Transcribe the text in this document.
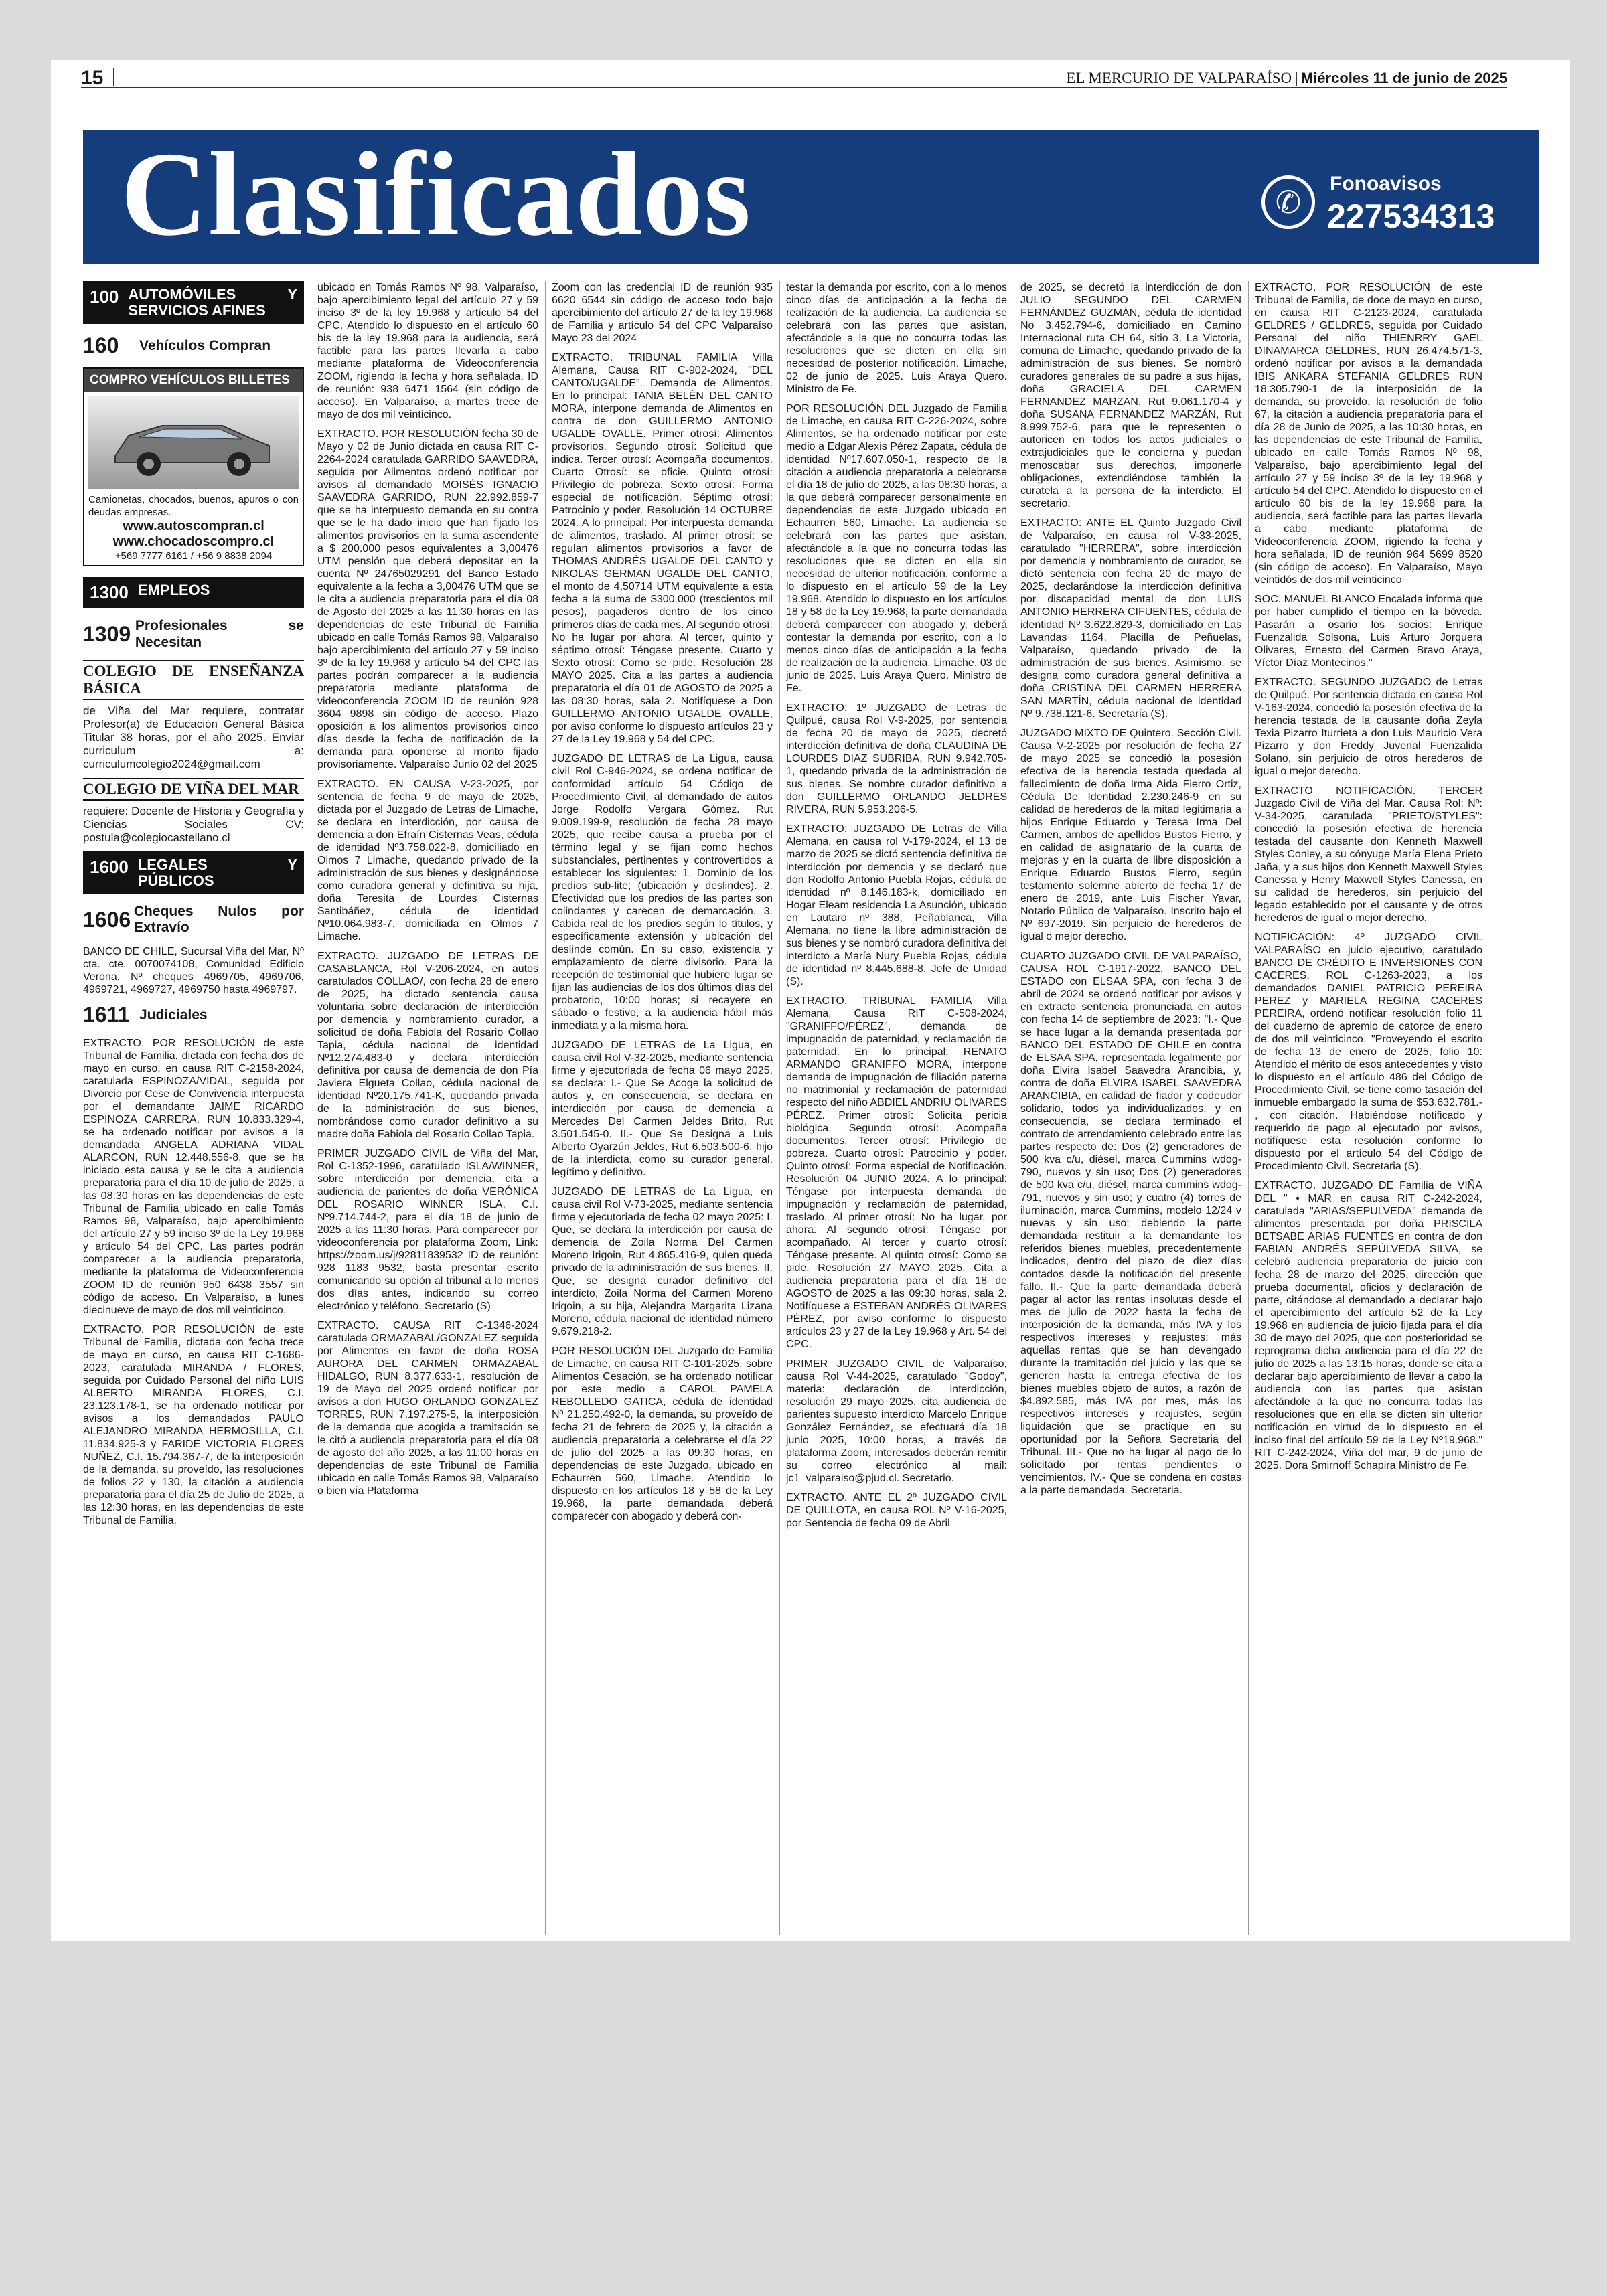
15	EL MERCURIO DE VALPARAÍSO | Miércoles 11 de junio de 2025
Clasificados	✆
Fonoavisos
227534313
100 AUTOMÓVILES Y SERVICIOS AFINES
160	Vehículos Compran
COMPRO VEHÍCULOS BILLETES
Camionetas, chocados, buenos, apuros o con deudas empresas.
www.autoscompran.cl
www.chocadoscompro.cl
+569 7777 6161 / +56 9 8838 2094
1300 EMPLEOS
1309 Profesionales se Necesitan
COLEGIO DE ENSEÑANZA BÁSICA

de Viña del Mar requiere, contratar Profesor(a) de Educación General Básica Titular 38 horas, por el año 2025. Enviar curriculum a: curriculumcolegio2024@gmail.com

COLEGIO DE VIÑA DEL MAR

requiere: Docente de Historia y Geografía y Ciencias Sociales CV: postula@colegiocastellano.cl

1600 LEGALES Y PÚBLICOS
1606 Cheques Nulos por Extravío

BANCO DE CHILE, Sucursal Viña del Mar, Nº cta. cte. 0070074108, Comunidad Edificio Verona, Nº cheques 4969705, 4969706, 4969721, 4969727, 4969750 hasta 4969797.

1611 Judiciales

EXTRACTO. POR RESOLUCIÓN de este Tribunal de Familia, dictada con fecha dos de mayo en curso, en causa RIT C-2158-2024, caratulada ESPINOZA/VIDAL, seguida por Divorcio por Cese de Convivencia interpuesta por el demandante JAIME RICARDO ESPINOZA CARRERA, RUN 10.833.329-4, se ha ordenado notificar por avisos a la demandada ANGELA ADRIANA VIDAL ALARCON, RUN 12.448.556-8, que se ha iniciado esta causa y se le cita a audiencia preparatoria para el día 10 de julio de 2025, a las 08:30 horas en las dependencias de este Tribunal de Familia ubicado en calle Tomás Ramos 98, Valparaíso, bajo apercibimiento del artículo 27 y 59 inciso 3º de la Ley 19.968 y artículo 54 del CPC. Las partes podrán comparecer a la audiencia preparatoria, mediante la plataforma de Videoconferencia ZOOM ID de reunión 950 6438 3557 sin código de acceso. En Valparaíso, a lunes diecinueve de mayo de dos mil veinticinco.

EXTRACTO. POR RESOLUCIÓN de este Tribunal de Familia, dictada con fecha trece de mayo en curso, en causa RIT C-1686-2023, caratulada MIRANDA / FLORES, seguida por Cuidado Personal del niño LUIS ALBERTO MIRANDA FLORES, C.I. 23.123.178-1, se ha ordenado notificar por avisos a los demandados PAULO ALEJANDRO MIRANDA HERMOSILLA, C.I. 11.834.925-3 y FARIDE VICTORIA FLORES NUÑEZ, C.I. 15.794.367-7, de la interposición de la demanda, su proveído, las resoluciones de folios 22 y 130, la citación a audiencia preparatoria para el día 25 de Julio de 2025, a las 12:30 horas, en las dependencias de este Tribunal de Familia,

ubicado en Tomás Ramos Nº 98, Valparaíso, bajo apercibimiento legal del artículo 27 y 59 inciso 3º de la ley 19.968 y artículo 54 del CPC. Atendido lo dispuesto en el artículo 60 bis de la ley 19.968 para la audiencia, será factible para las partes llevarla a cabo mediante plataforma de Videoconferencia ZOOM, rigiendo la fecha y hora señalada, ID de reunión: 938 6471 1564 (sin código de acceso). En Valparaíso, a martes trece de mayo de dos mil veinticinco.

EXTRACTO. POR RESOLUCIÓN fecha 30 de Mayo y 02 de Junio dictada en causa RIT C-2264-2024 caratulada GARRIDO SAAVEDRA, seguida por Alimentos ordenó notificar por avisos al demandado MOISÉS IGNACIO SAAVEDRA GARRIDO, RUN 22.992.859-7 que se ha interpuesto demanda en su contra que se le ha dado inicio que han fijado los alimentos provisorios en la suma ascendente a $ 200.000 pesos equivalentes a 3,00476 UTM pensión que deberá depositar en la cuenta Nº 24765029291 del Banco Estado equivalente a la fecha a 3,00476 UTM que se le cita a audiencia preparatoria para el día 08 de Agosto del 2025 a las 11:30 horas en las dependencias de este Tribunal de Familia ubicado en calle Tomás Ramos 98, Valparaíso bajo apercibimiento del artículo 27 y 59 inciso 3º de la ley 19.968 y artículo 54 del CPC las partes podrán comparecer a la audiencia preparatoria mediante plataforma de videoconferencia ZOOM ID de reunión 928 3604 9898 sin código de acceso. Plazo oposición a los alimentos provisorios cinco días desde la fecha de notificación de la demanda para oponerse al monto fijado provisoriamente. Valparaíso Junio 02 del 2025

EXTRACTO. EN CAUSA V-23-2025, por sentencia de fecha 9 de mayo de 2025, dictada por el Juzgado de Letras de Limache, se declara en interdicción, por causa de demencia a don Efraín Cisternas Veas, cédula de identidad Nº3.758.022-8, domiciliado en Olmos 7 Limache, quedando privado de la administración de sus bienes y designándose como curadora general y definitiva su hija, doña Teresita de Lourdes Cisternas Santibáñez, cédula de identidad Nº10.064.983-7, domiciliada en Olmos 7 Limache.

EXTRACTO. JUZGADO DE LETRAS DE CASABLANCA, Rol V-206-2024, en autos caratulados COLLAO/, con fecha 28 de enero de 2025, ha dictado sentencia causa voluntaria sobre declaración de interdicción por demencia y nombramiento curador, a solicitud de doña Fabiola del Rosario Collao Tapia, cédula nacional de identidad Nº12.274.483-0 y declara interdicción definitiva por causa de demencia de don Pía Javiera Elgueta Collao, cédula nacional de identidad Nº20.175.741-K, quedando privada de la administración de sus bienes, nombrándose como curador definitivo a su madre doña Fabiola del Rosario Collao Tapia.

PRIMER JUZGADO CIVIL de Viña del Mar, Rol C-1352-1996, caratulado ISLA/WINNER, sobre interdicción por demencia, cita a audiencia de parientes de doña VERÓNICA DEL ROSARIO WINNER ISLA, C.I. Nº9.714.744-2, para el día 18 de junio de 2025 a las 11:30 horas. Para comparecer por videoconferencia por plataforma Zoom, Link: https://zoom.us/j/92811839532 ID de reunión: 928 1183 9532, basta presentar escrito comunicando su opción al tribunal a lo menos dos días antes, indicando su correo electrónico y teléfono. Secretario (S)

EXTRACTO. CAUSA RIT C-1346-2024 caratulada ORMAZABAL/GONZALEZ seguida por Alimentos en favor de doña ROSA AURORA DEL CARMEN ORMAZABAL HIDALGO, RUN 8.377.633-1, resolución de 19 de Mayo del 2025 ordenó notificar por avisos a don HUGO ORLANDO GONZALEZ TORRES, RUN 7.197.275-5, la interposición de la demanda que acogida a tramitación se le citó a audiencia preparatoria para el día 08 de agosto del año 2025, a las 11:00 horas en dependencias de este Tribunal de Familia ubicado en calle Tomás Ramos 98, Valparaíso o bien vía Plataforma

Zoom con las credencial ID de reunión 935 6620 6544 sin código de acceso todo bajo apercibimiento del artículo 27 de la ley 19.968 de Familia y artículo 54 del CPC Valparaíso Mayo 23 del 2024

EXTRACTO. TRIBUNAL FAMILIA Villa Alemana, Causa RIT C-902-2024, "DEL CANTO/UGALDE". Demanda de Alimentos. En lo principal: TANIA BELÉN DEL CANTO MORA, interpone demanda de Alimentos en contra de don GUILLERMO ANTONIO UGALDE OVALLE. Primer otrosí: Alimentos provisorios. Segundo otrosí: Solicitud que indica. Tercer otrosí: Acompaña documentos. Cuarto Otrosí: se oficie. Quinto otrosí: Privilegio de pobreza. Sexto otrosí: Forma especial de notificación. Séptimo otrosí: Patrocinio y poder. Resolución 14 OCTUBRE 2024. A lo principal: Por interpuesta demanda de alimentos, traslado. Al primer otrosí: se regulan alimentos provisorios a favor de THOMAS ANDRÉS UGALDE DEL CANTO y NIKOLAS GERMAN UGALDE DEL CANTO, el monto de 4,50714 UTM equivalente a esta fecha a la suma de $300.000 (trescientos mil pesos), pagaderos dentro de los cinco primeros días de cada mes. Al segundo otrosí: No ha lugar por ahora. Al tercer, quinto y séptimo otrosí: Téngase presente. Cuarto y Sexto otrosí: Como se pide. Resolución 28 MAYO 2025. Cita a las partes a audiencia preparatoria el día 01 de AGOSTO de 2025 a las 08:30 horas, sala 2. Notifíquese a Don GUILLERMO ANTONIO UGALDE OVALLE, por aviso conforme lo dispuesto artículos 23 y 27 de la Ley 19.968 y 54 del CPC.

JUZGADO DE LETRAS de La Ligua, causa civil Rol C-946-2024, se ordena notificar de conformidad artículo 54 Código de Procedimiento Civil, al demandado de autos Jorge Rodolfo Vergara Gómez. Rut 9.009.199-9, resolución de fecha 28 mayo 2025, que recibe causa a prueba por el término legal y se fijan como hechos substanciales, pertinentes y controvertidos a establecer los siguientes: 1. Dominio de los predios sub-lite; (ubicación y deslindes). 2. Efectividad que los predios de las partes son colindantes y carecen de demarcación. 3. Cabida real de los predios según lo títulos, y específicamente extensión y ubicación del deslinde común. En su caso, existencia y emplazamiento de cierre divisorio. Para la recepción de testimonial que hubiere lugar se fijan las audiencias de los dos últimos días del probatorio, 10:00 horas; si recayere en sábado o festivo, a la audiencia hábil más inmediata y a la misma hora.

JUZGADO DE LETRAS de La Ligua, en causa civil Rol V-32-2025, mediante sentencia firme y ejecutoriada de fecha 06 mayo 2025, se declara: I.- Que Se Acoge la solicitud de autos y, en consecuencia, se declara en interdicción por causa de demencia a Mercedes Del Carmen Jeldes Brito, Rut 3.501.545-0. II.- Que Se Designa a Luis Alberto Oyarzún Jeldes, Rut 6.503.500-6, hijo de la interdicta, como su curador general, legítimo y definitivo.

JUZGADO DE LETRAS de La Ligua, en causa civil Rol V-73-2025, mediante sentencia firme y ejecutoriada de fecha 02 mayo 2025: I. Que, se declara la interdicción por causa de demencia de Zoila Norma Del Carmen Moreno Irigoin, Rut 4.865.416-9, quien queda privado de la administración de sus bienes. II. Que, se designa curador definitivo del interdicto, Zoila Norma del Carmen Moreno Irigoin, a su hija, Alejandra Margarita Lizana Moreno, cédula nacional de identidad número 9.679.218-2.

POR RESOLUCIÓN DEL Juzgado de Familia de Limache, en causa RIT C-101-2025, sobre Alimentos Cesación, se ha ordenado notificar por este medio a CAROL PAMELA REBOLLEDO GATICA, cédula de identidad Nº 21.250.492-0, la demanda, su proveído de fecha 21 de febrero de 2025 y, la citación a audiencia preparatoria a celebrarse el día 22 de julio del 2025 a las 09:30 horas, en dependencias de este Juzgado, ubicado en Echaurren 560, Limache. Atendido lo dispuesto en los artículos 18 y 58 de la Ley 19.968, la parte demandada deberá comparecer con abogado y deberá con-

testar la demanda por escrito, con a lo menos cinco días de anticipación a la fecha de realización de la audiencia. La audiencia se celebrará con las partes que asistan, afectándole a la que no concurra todas las resoluciones que se dicten en ella sin necesidad de posterior notificación. Limache, 02 de junio de 2025. Luis Araya Quero. Ministro de Fe.

POR RESOLUCIÓN DEL Juzgado de Familia de Limache, en causa RIT C-226-2024, sobre Alimentos, se ha ordenado notificar por este medio a Edgar Alexis Pérez Zapata, cédula de identidad Nº17.607.050-1, respecto de la citación a audiencia preparatoria a celebrarse el día 18 de julio de 2025, a las 08:30 horas, a la que deberá comparecer personalmente en dependencias de este Juzgado ubicado en Echaurren 560, Limache. La audiencia se celebrará con las partes que asistan, afectándole a la que no concurra todas las resoluciones que se dicten en ella sin necesidad de ulterior notificación, conforme a lo dispuesto en el artículo 59 de la Ley 19.968. Atendido lo dispuesto en los artículos 18 y 58 de la Ley 19.968, la parte demandada deberá comparecer con abogado y, deberá contestar la demanda por escrito, con a lo menos cinco días de anticipación a la fecha de realización de la audiencia. Limache, 03 de junio de 2025. Luis Araya Quero. Ministro de Fe.

EXTRACTO: 1º JUZGADO de Letras de Quilpué, causa Rol V-9-2025, por sentencia de fecha 20 de mayo de 2025, decretó interdicción definitiva de doña CLAUDINA DE LOURDES DIAZ SUBRIBA, RUN 9.942.705-1, quedando privada de la administración de sus bienes. Se nombre curador definitivo a don GUILLERMO ORLANDO JELDRES RIVERA, RUN 5.953.206-5.

EXTRACTO: JUZGADO DE Letras de Villa Alemana, en causa rol V-179-2024, el 13 de marzo de 2025 se dictó sentencia definitiva de interdicción por demencia y se declaró que don Rodolfo Antonio Puebla Rojas, cédula de identidad nº 8.146.183-k, domiciliado en Hogar Eleam residencia La Asunción, ubicado en Lautaro nº 388, Peñablanca, Villa Alemana, no tiene la libre administración de sus bienes y se nombró curadora definitiva del interdicto a María Nury Puebla Rojas, cédula de identidad nº 8.445.688-8. Jefe de Unidad (S).

EXTRACTO. TRIBUNAL FAMILIA Villa Alemana, Causa RIT C-508-2024, "GRANIFFO/PÉREZ", demanda de impugnación de paternidad, y reclamación de paternidad. En lo principal: RENATO ARMANDO GRANIFFO MORA, interpone demanda de impugnación de filiación paterna no matrimonial y reclamación de paternidad respecto del niño ABDIEL ANDRIU OLIVARES PÉREZ. Primer otrosí: Solicita pericia biológica. Segundo otrosí: Acompaña documentos. Tercer otrosí: Privilegio de pobreza. Cuarto otrosí: Patrocinio y poder. Quinto otrosí: Forma especial de Notificación. Resolución 04 JUNIO 2024. A lo principal: Téngase por interpuesta demanda de impugnación y reclamación de paternidad, traslado. Al primer otrosí: No ha lugar, por ahora. Al segundo otrosí: Téngase por acompañado. Al tercer y cuarto otrosí: Téngase presente. Al quinto otrosí: Como se pide. Resolución 27 MAYO 2025. Cita a audiencia preparatoria para el día 18 de AGOSTO de 2025 a las 09:30 horas, sala 2. Notifíquese a ESTEBAN ANDRÉS OLIVARES PÉREZ, por aviso conforme lo dispuesto artículos 23 y 27 de la Ley 19.968 y Art. 54 del CPC.

PRIMER JUZGADO CIVIL de Valparaíso, causa Rol V-44-2025, caratulado "Godoy", materia: declaración de interdicción, resolución 29 mayo 2025, cita audiencia de parientes supuesto interdicto Marcelo Enrique González Fernández, se efectuará día 18 junio 2025, 10:00 horas, a través de plataforma Zoom, interesados deberán remitir su correo electrónico al mail: jc1_valparaiso@pjud.cl. Secretario.

EXTRACTO. ANTE EL 2º JUZGADO CIVIL DE QUILLOTA, en causa ROL Nº V-16-2025, por Sentencia de fecha 09 de Abril

de 2025, se decretó la interdicción de don JULIO SEGUNDO DEL CARMEN FERNÁNDEZ GUZMÁN, cédula de identidad No 3.452.794-6, domiciliado en Camino Internacional ruta CH 64, sitio 3, La Victoria, comuna de Limache, quedando privado de la administración de sus bienes. Se nombró curadores generales de su padre a sus hijas, doña GRACIELA DEL CARMEN FERNANDEZ MARZAN, Rut 9.061.170-4 y doña SUSANA FERNANDEZ MARZÁN, Rut 8.999.752-6, para que le representen o autoricen en todos los actos judiciales o extrajudiciales que le concierna y puedan menoscabar sus derechos, imponerle obligaciones, extendiéndose también la curatela a la persona de la interdicto. El secretario.

EXTRACTO: ANTE EL Quinto Juzgado Civil de Valparaíso, en causa rol V-33-2025, caratulado "HERRERA", sobre interdicción por demencia y nombramiento de curador, se dictó sentencia con fecha 20 de mayo de 2025, declarándose la interdicción definitiva por discapacidad mental de don LUIS ANTONIO HERRERA CIFUENTES, cédula de identidad Nº 3.622.829-3, domiciliado en Las Lavandas 1164, Placilla de Peñuelas, Valparaíso, quedando privado de la administración de sus bienes. Asimismo, se designa como curadora general definitiva a doña CRISTINA DEL CARMEN HERRERA SAN MARTÍN, cédula nacional de identidad Nº 9.738.121-6. Secretaría (S).

JUZGADO MIXTO DE Quintero. Sección Civil. Causa V-2-2025 por resolución de fecha 27 de mayo 2025 se concedió la posesión efectiva de la herencia testada quedada al fallecimiento de doña Irma Aida Fierro Ortiz, Cédula De Identidad 2.230.246-9 en su calidad de herederos de la mitad legitimaria a hijos Enrique Eduardo y Teresa Irma Del Carmen, ambos de apellidos Bustos Fierro, y en calidad de asignatario de la cuarta de mejoras y en la cuarta de libre disposición a Enrique Eduardo Bustos Fierro, según testamento solemne abierto de fecha 17 de enero de 2019, ante Luis Fischer Yavar, Notario Público de Valparaíso. Inscrito bajo el Nº 697-2019. Sin perjuicio de herederos de igual o mejor derecho.

CUARTO JUZGADO CIVIL DE VALPARAÍSO, CAUSA ROL C-1917-2022, BANCO DEL ESTADO con ELSAA SPA, con fecha 3 de abril de 2024 se ordenó notificar por avisos y en extracto sentencia pronunciada en autos con fecha 14 de septiembre de 2023: "I.- Que se hace lugar a la demanda presentada por BANCO DEL ESTADO DE CHILE en contra de ELSAA SPA, representada legalmente por doña Elvira Isabel Saavedra Arancibia, y, contra de doña ELVIRA ISABEL SAAVEDRA ARANCIBIA, en calidad de fiador y codeudor solidario, todos ya individualizados, y en consecuencia, se declara terminado el contrato de arrendamiento celebrado entre las partes respecto de: Dos (2) generadores de 500 kva c/u, diésel, marca Cummins wdog-790, nuevos y sin uso; Dos (2) generadores de 500 kva c/u, diésel, marca cummins wdog- 791, nuevos y sin uso; y cuatro (4) torres de iluminación, marca Cummins, modelo 12/24 v nuevas y sin uso; debiendo la parte demandada restituir a la demandante los referidos bienes muebles, precedentemente indicados, dentro del plazo de diez días contados desde la notificación del presente fallo. II.- Que la parte demandada deberá pagar al actor las rentas insolutas desde el mes de julio de 2022 hasta la fecha de interposición de la demanda, más IVA y los respectivos intereses y reajustes; más aquellas rentas que se han devengado durante la tramitación del juicio y las que se generen hasta la entrega efectiva de los bienes muebles objeto de autos, a razón de $4.892.585, más IVA por mes, más los respectivos intereses y reajustes, según liquidación que se practique en su oportunidad por la Señora Secretaria del Tribunal. III.- Que no ha lugar al pago de lo solicitado por rentas pendientes o vencimientos. IV.- Que se condena en costas a la parte demandada. Secretaria.

EXTRACTO. POR RESOLUCIÓN de este Tribunal de Familia, de doce de mayo en curso, en causa RIT C-2123-2024, caratulada GELDRES / GELDRES, seguida por Cuidado Personal del niño THIENRRY GAEL DINAMARCA GELDRES, RUN 26.474.571-3, ordenó notificar por avisos a la demandada IBIS ANKARA STEFANIA GELDRES RUN 18.305.790-1 de la interposición de la demanda, su proveído, la resolución de folio 67, la citación a audiencia preparatoria para el día 28 de Junio de 2025, a las 10:30 horas, en las dependencias de este Tribunal de Familia, ubicado en calle Tomás Ramos Nº 98, Valparaíso, bajo apercibimiento legal del artículo 27 y 59 inciso 3º de la ley 19.968 y artículo 54 del CPC. Atendido lo dispuesto en el artículo 60 bis de la ley 19.968 para la audiencia, será factible para las partes llevarla a cabo mediante plataforma de Videoconferencia ZOOM, rigiendo la fecha y hora señalada, ID de reunión 964 5699 8520 (sin código de acceso). En Valparaíso, Mayo veintidós de dos mil veinticinco

SOC. MANUEL BLANCO Encalada informa que por haber cumplido el tiempo en la bóveda. Pasarán a osario los socios: Enrique Fuenzalida Solsona, Luis Arturo Jorquera Olivares, Ernesto del Carmen Bravo Araya, Víctor Díaz Montecinos."

EXTRACTO. SEGUNDO JUZGADO de Letras de Quilpué. Por sentencia dictada en causa Rol V-163-2024, concedió la posesión efectiva de la herencia testada de la causante doña Zeyla Texia Pizarro Iturrieta a don Luis Mauricio Vera Pizarro y don Freddy Juvenal Fuenzalida Solano, sin perjuicio de otros herederos de igual o mejor derecho.

EXTRACTO NOTIFICACIÓN. TERCER Juzgado Civil de Viña del Mar. Causa Rol: Nº: V-34-2025, caratulada "PRIETO/STYLES": concedió la posesión efectiva de herencia testada del causante don Kenneth Maxwell Styles Conley, a su cónyuge María Elena Prieto Jaña, y a sus hijos don Kenneth Maxwell Styles Canessa y Henry Maxwell Styles Canessa, en su calidad de herederos, sin perjuicio del legado establecido por el causante y de otros herederos de igual o mejor derecho.

NOTIFICACIÓN: 4º JUZGADO CIVIL VALPARAÍSO en juicio ejecutivo, caratulado BANCO DE CRÉDITO E INVERSIONES CON CACERES, ROL C-1263-2023, a los demandados DANIEL PATRICIO PEREIRA PEREZ y MARIELA REGINA CACERES PEREIRA, ordenó notificar resolución folio 11 del cuaderno de apremio de catorce de enero de dos mil veinticinco. "Proveyendo el escrito de fecha 13 de enero de 2025, folio 10: Atendido el mérito de esos antecedentes y visto lo dispuesto en el artículo 486 del Código de Procedimiento Civil, se tiene como tasación del inmueble embargado la suma de $53.632.781.- , con citación. Habiéndose notificado y requerido de pago al ejecutado por avisos, notifíquese esta resolución conforme lo dispuesto por el artículo 54 del Código de Procedimiento Civil. Secretaria (S).

EXTRACTO. JUZGADO DE Familia de VIÑA DEL " • MAR en causa RIT C-242-2024, caratulada "ARIAS/SEPULVEDA" demanda de alimentos presentada por doña PRISCILA BETSABE ARIAS FUENTES en contra de don FABIAN ANDRÉS SEPÚLVEDA SILVA, se celebró audiencia preparatoria de juicio con fecha 28 de marzo del 2025, dirección que prueba documental, oficios y declaración de parte, citándose al demandado a declarar bajo el apercibimiento del artículo 52 de la Ley 19.968 en audiencia de juicio fijada para el día 30 de mayo del 2025, que con posterioridad se reprograma dicha audiencia para el día 22 de julio de 2025 a las 13:15 horas, donde se cita a declarar bajo apercibimiento de llevar a cabo la audiencia con las partes que asistan afectándole a la que no concurra todas las resoluciones que en ella se dicten sin ulterior notificación en virtud de lo dispuesto en el inciso final del artículo 59 de la Ley Nº19.968." RIT C-242-2024, Viña del mar, 9 de junio de 2025. Dora Smirnoff Schapira Ministro de Fe.
